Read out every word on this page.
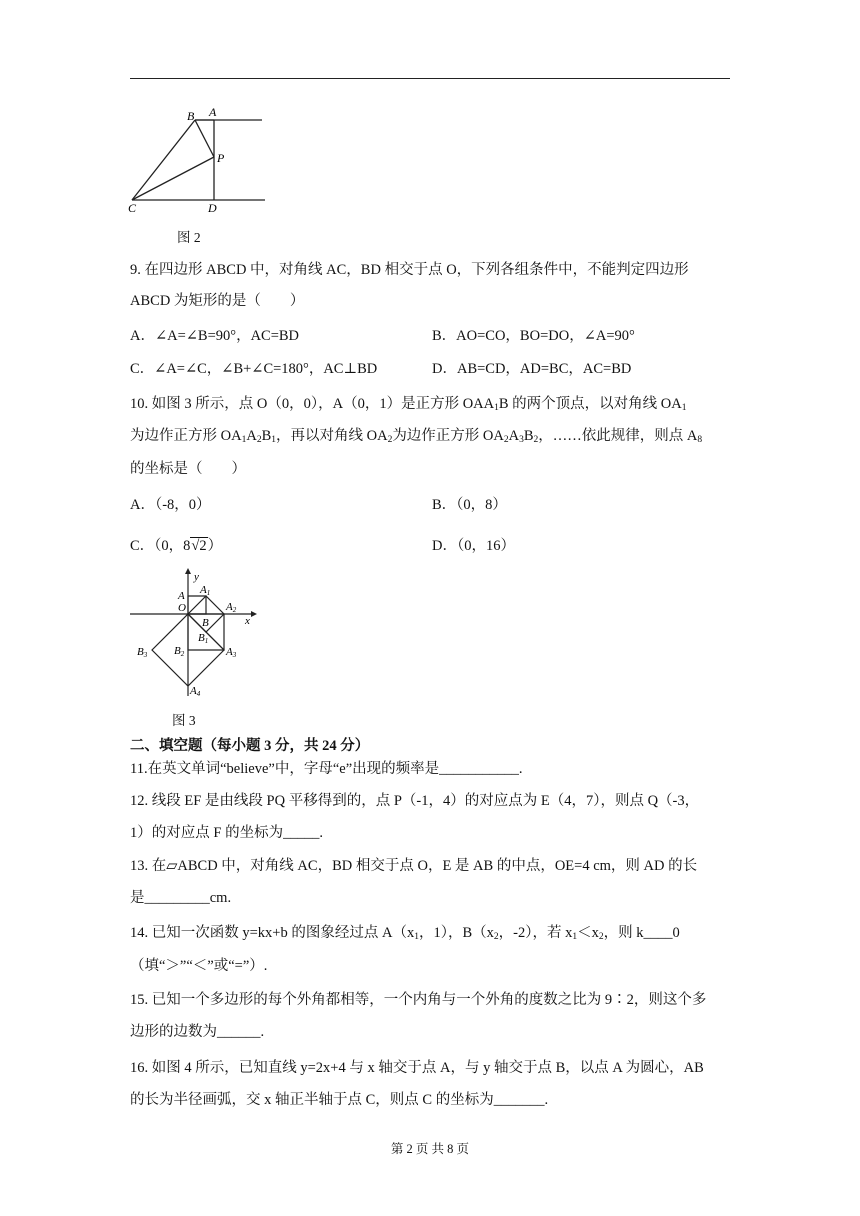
B A
P
C	D
图 2
9. 在四边形 ABCD 中，对角线 AC，BD 相交于点 O，下列各组条件中，不能判定四边形
ABCD 为矩形的是（　　）
A．∠A=∠B=90°，AC=BD	B．AO=CO，BO=DO，∠A=90°
C．∠A=∠C，∠B+∠C=180°，AC⊥BD	D．AB=CD，AD=BC，AC=BD
10. 如图 3 所示，点 O（0，0），A（0，1）是正方形 $OAA_1B$ 的两个顶点，以对角线 $OA_1$
为边作正方形 $OA_1A_2B_1$，再以对角线 $OA_2$为边作正方形 $OA_2A_3B_2$，……依此规律，则点 $A_8$
的坐标是（　　）
A．（-8，0）	B．（0，8）
C．（0，8√2）	D．（0，16）
y
x
A
O
A1
A2
B
B1
B2
B3	A3
A4
图 3
二、填空题（每小题 3 分，共 24 分）
11.在英文单词“believe”中，字母“e”出现的频率是___________.
12. 线段 EF 是由线段 PQ 平移得到的，点 P（-1，4）的对应点为 E（4，7），则点 Q（-3，
1）的对应点 F 的坐标为_____.
13. 在▱ABCD 中，对角线 AC，BD 相交于点 O，E 是 AB 的中点，OE=4 cm，则 AD 的长
是_________cm.
14. 已知一次函数 y=kx+b 的图象经过点 $A(x_1$，1），$B(x_2$，-2），若 $x_1<x_2$，则 k____0
（填“＞”“＜”或“=”）.
15. 已知一个多边形的每个外角都相等，一个内角与一个外角的度数之比为 9∶2，则这个多
边形的边数为______.
16. 如图 4 所示，已知直线 y=2x+4 与 x 轴交于点 A，与 y 轴交于点 B，以点 A 为圆心，AB
的长为半径画弧，交 x 轴正半轴于点 C，则点 C 的坐标为_______.
第 2 页 共 8 页
